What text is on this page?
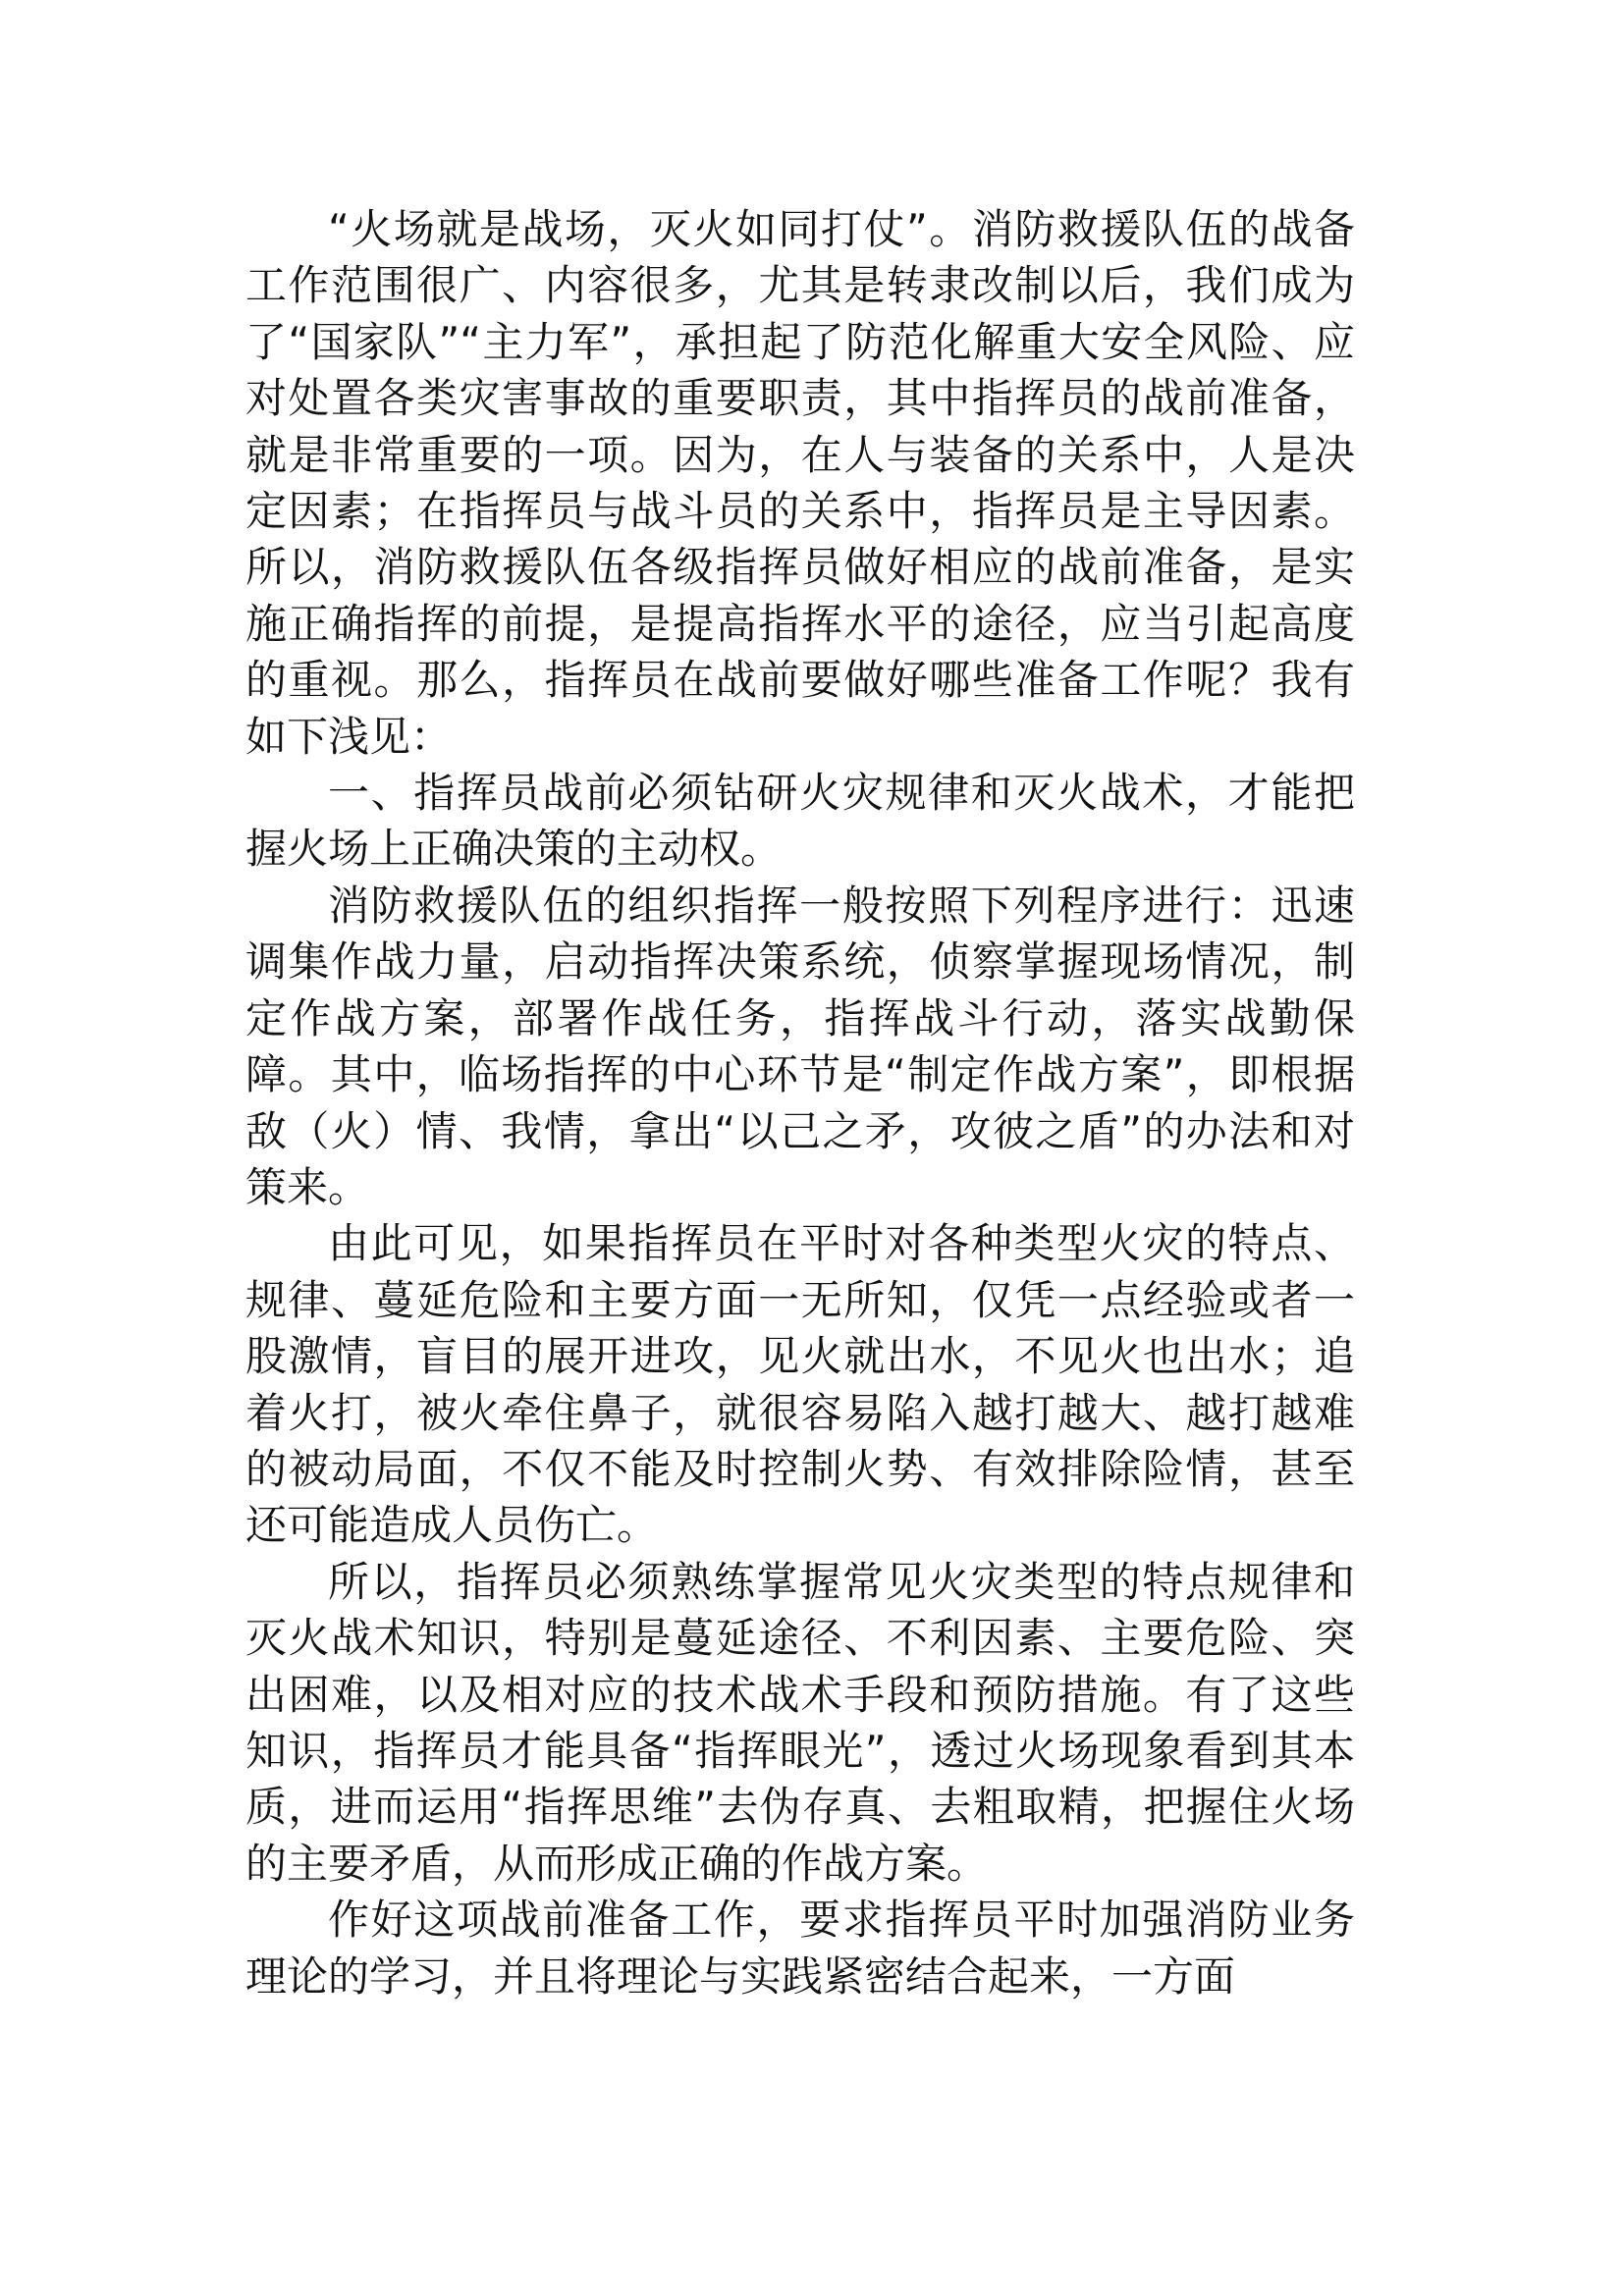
“火场就是战场，灭火如同打仗”。消防救援队伍的战备工作范围很广、内容很多，尤其是转隶改制以后，我们成为了“国家队”“主力军”，承担起了防范化解重大安全风险、应对处置各类灾害事故的重要职责，其中指挥员的战前准备，就是非常重要的一项。因为，在人与装备的关系中，人是决定因素；在指挥员与战斗员的关系中，指挥员是主导因素。所以，消防救援队伍各级指挥员做好相应的战前准备，是实施正确指挥的前提，是提高指挥水平的途径，应当引起高度的重视。那么，指挥员在战前要做好哪些准备工作呢？我有如下浅见：

一、指挥员战前必须钻研火灾规律和灭火战术，才能把握火场上正确决策的主动权。

消防救援队伍的组织指挥一般按照下列程序进行：迅速调集作战力量，启动指挥决策系统，侦察掌握现场情况，制定作战方案，部署作战任务，指挥战斗行动，落实战勤保障。其中，临场指挥的中心环节是“制定作战方案”，即根据敌（火）情、我情，拿出“以己之矛，攻彼之盾”的办法和对策来。

由此可见，如果指挥员在平时对各种类型火灾的特点、规律、蔓延危险和主要方面一无所知，仅凭一点经验或者一股激情，盲目的展开进攻，见火就出水，不见火也出水；追着火打，被火牵住鼻子，就很容易陷入越打越大、越打越难的被动局面，不仅不能及时控制火势、有效排除险情，甚至还可能造成人员伤亡。

所以，指挥员必须熟练掌握常见火灾类型的特点规律和灭火战术知识，特别是蔓延途径、不利因素、主要危险、突出困难，以及相对应的技术战术手段和预防措施。有了这些知识，指挥员才能具备“指挥眼光”，透过火场现象看到其本质，进而运用“指挥思维”去伪存真、去粗取精，把握住火场的主要矛盾，从而形成正确的作战方案。

作好这项战前准备工作，要求指挥员平时加强消防业务理论的学习，并且将理论与实践紧密结合起来，一方面
